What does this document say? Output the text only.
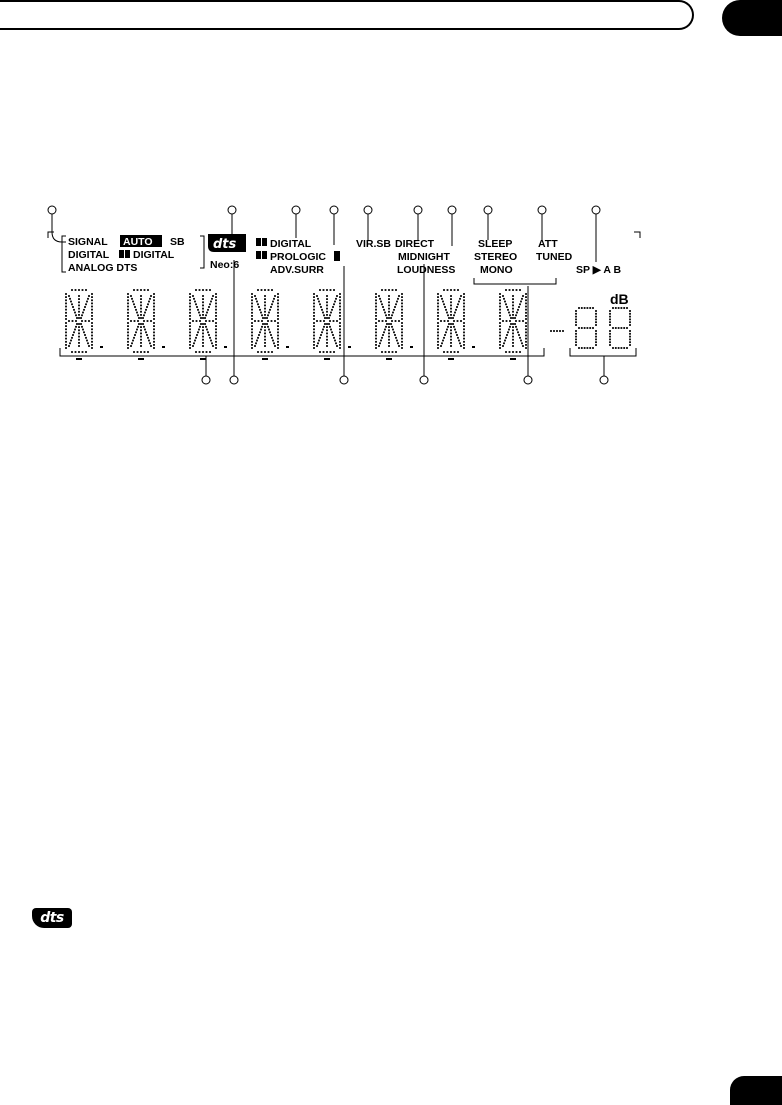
SIGNAL AUTO SB
DIGITAL DIGITAL
ANALOG DTS
dts
Neo:6
DIGITAL
PROLOGIC
ADV.SURR
VIR.SB DIRECT
MIDNIGHT
LOUDNESS
SLEEP
STEREO
MONO
ATT
TUNED
SP ▶ A B
dB
dts
